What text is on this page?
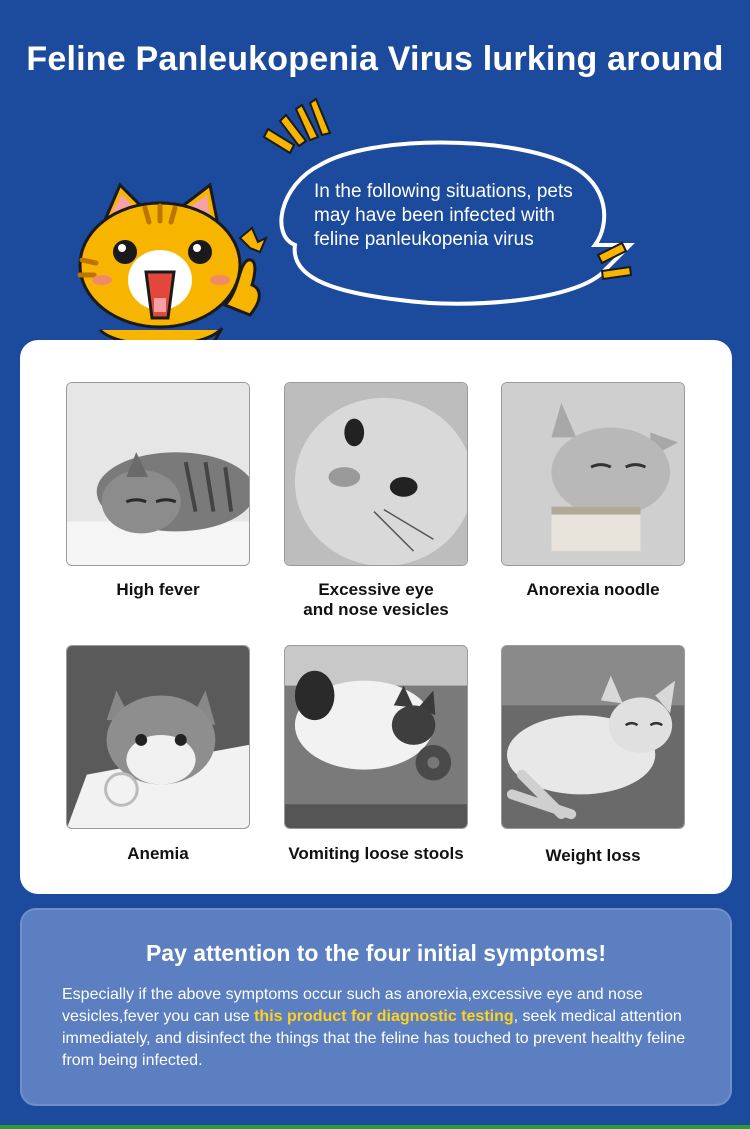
Feline Panleukopenia Virus lurking around
In the following situations, pets may have been infected with feline panleukopenia virus
High fever	Excessive eye
and nose vesicles
Anorexia noodle
Anemia	Vomiting loose stools	Weight loss
Pay attention to the four initial symptoms!
Especially if the above symptoms occur such as anorexia,excessive eye and nose vesicles,fever you can use this product for diagnostic testing, seek medical attention immediately, and disinfect the things that the feline has touched to prevent healthy feline from being infected.
